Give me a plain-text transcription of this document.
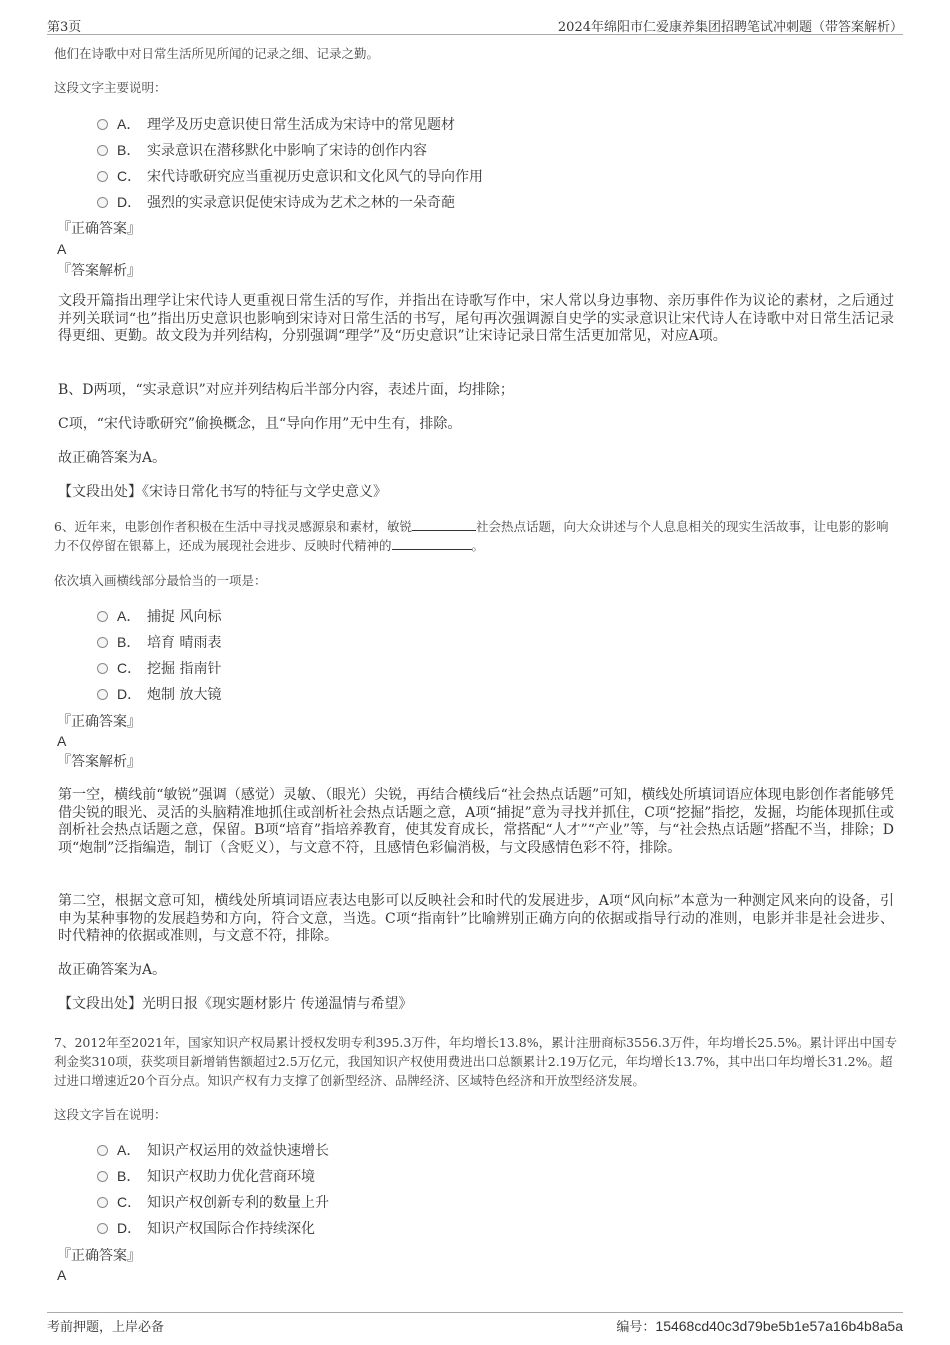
第3页	2024年绵阳市仁爱康养集团招聘笔试冲刺题（带答案解析）
他们在诗歌中对日常生活所见所闻的记录之细、记录之勤。
这段文字主要说明：
A． 理学及历史意识使日常生活成为宋诗中的常见题材
B． 实录意识在潜移默化中影响了宋诗的创作内容
C． 宋代诗歌研究应当重视历史意识和文化风气的导向作用
D． 强烈的实录意识促使宋诗成为艺术之林的一朵奇葩
『正确答案』
A
『答案解析』
文段开篇指出理学让宋代诗人更重视日常生活的写作，并指出在诗歌写作中，宋人常以身边事物、亲历事件作为议论的素材，之后通过并列关联词“也”指出历史意识也影响到宋诗对日常生活的书写，尾句再次强调源自史学的实录意识让宋代诗人在诗歌中对日常生活记录得更细、更勤。故文段为并列结构，分别强调“理学”及“历史意识”让宋诗记录日常生活更加常见，对应A项。
B、D两项，“实录意识”对应并列结构后半部分内容，表述片面，均排除；
C项，“宋代诗歌研究”偷换概念，且“导向作用”无中生有，排除。
故正确答案为A。
【文段出处】《宋诗日常化书写的特征与文学史意义》
6、近年来，电影创作者积极在生活中寻找灵感源泉和素材，敏锐	社会热点话题，向大众讲述与个人息息相关的现实生活故事，让电影的影响力不仅停留在银幕上，还成为展现社会进步、反映时代精神的	。
依次填入画横线部分最恰当的一项是：
A． 捕捉 风向标
B． 培育 晴雨表
C． 挖掘 指南针
D． 炮制 放大镜
『正确答案』
A
『答案解析』
第一空，横线前“敏锐”强调（感觉）灵敏、（眼光）尖锐，再结合横线后“社会热点话题”可知，横线处所填词语应体现电影创作者能够凭借尖锐的眼光、灵活的头脑精准地抓住或剖析社会热点话题之意，A项“捕捉”意为寻找并抓住，C项“挖掘”指挖，发掘，均能体现抓住或剖析社会热点话题之意，保留。B项“培育”指培养教育，使其发育成长，常搭配“人才”“产业”等，与“社会热点话题”搭配不当，排除；D项“炮制”泛指编造，制订（含贬义），与文意不符，且感情色彩偏消极，与文段感情色彩不符，排除。
第二空，根据文意可知，横线处所填词语应表达电影可以反映社会和时代的发展进步，A项“风向标”本意为一种测定风来向的设备，引申为某种事物的发展趋势和方向，符合文意，当选。C项“指南针”比喻辨别正确方向的依据或指导行动的准则，电影并非是社会进步、时代精神的依据或准则，与文意不符，排除。
故正确答案为A。
【文段出处】光明日报《现实题材影片 传递温情与希望》
7、2012年至2021年，国家知识产权局累计授权发明专利395.3万件，年均增长13.8%，累计注册商标3556.3万件，年均增长25.5%。累计评出中国专利金奖310项，获奖项目新增销售额超过2.5万亿元，我国知识产权使用费进出口总额累计2.19万亿元，年均增长13.7%，其中出口年均增长31.2%。超过进口增速近20个百分点。知识产权有力支撑了创新型经济、品牌经济、区域特色经济和开放型经济发展。
这段文字旨在说明：
A． 知识产权运用的效益快速增长
B． 知识产权助力优化营商环境
C． 知识产权创新专利的数量上升
D． 知识产权国际合作持续深化
『正确答案』
A
考前押题，上岸必备	编号：15468cd40c3d79be5b1e57a16b4b8a5a
